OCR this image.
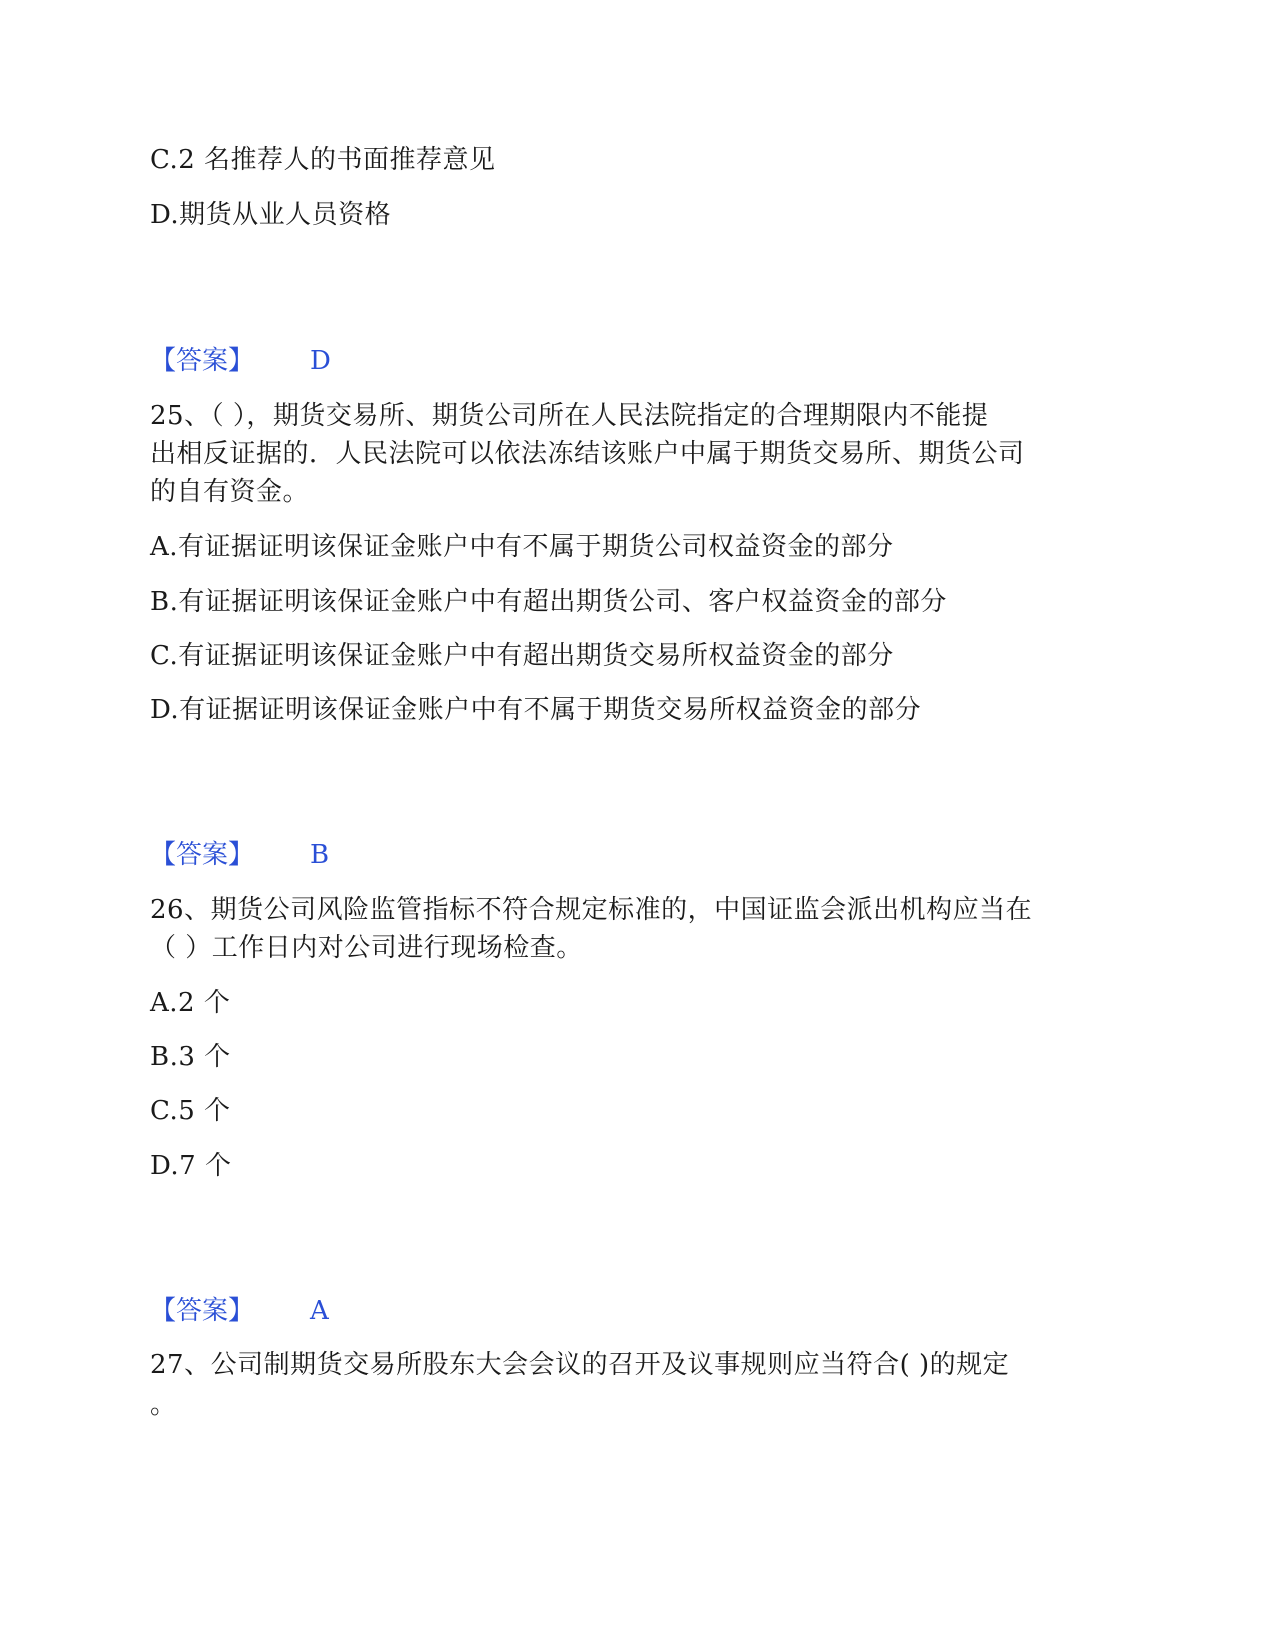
C.2 名推荐人的书面推荐意见
D.期货从业人员资格
【答案】 D
25、（ ），期货交易所、期货公司所在人民法院指定的合理期限内不能提
出相反证据的．人民法院可以依法冻结该账户中属于期货交易所、期货公司
的自有资金。
A.有证据证明该保证金账户中有不属于期货公司权益资金的部分
B.有证据证明该保证金账户中有超出期货公司、客户权益资金的部分
C.有证据证明该保证金账户中有超出期货交易所权益资金的部分
D.有证据证明该保证金账户中有不属于期货交易所权益资金的部分
【答案】 B
26、期货公司风险监管指标不符合规定标准的，中国证监会派出机构应当在
（ ）工作日内对公司进行现场检查。
A.2 个
B.3 个
C.5 个
D.7 个
【答案】 A
27、公司制期货交易所股东大会会议的召开及议事规则应当符合( )的规定
。
